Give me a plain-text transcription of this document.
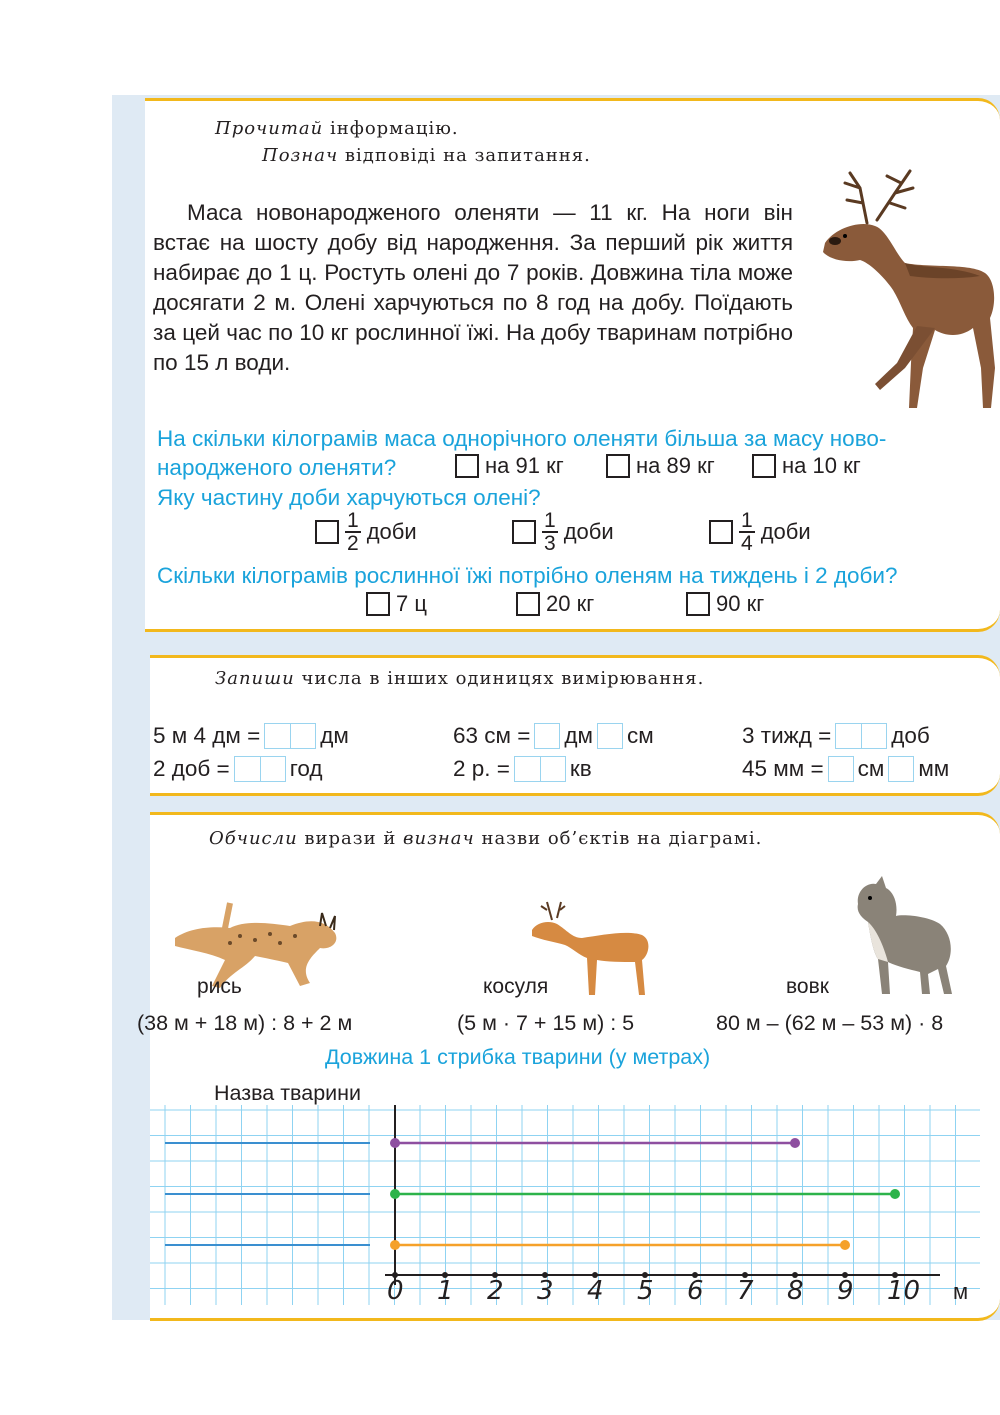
Прочитай інформацію.
Познач відповіді на запитання.
Маса новонародженого оленяти — 11 кг. На ноги він встає на шосту добу від народження. За перший рік життя набирає до 1 ц. Ростуть олені до 7 років. Довжина тіла може досягати 2 м. Олені харчуються по 8 год на добу. Поїдають за цей час по 10 кг рослинної їжі. На добу тваринам потрібно по 15 л води.
На скільки кілограмів маса однорічного оленяти більша за масу ново-
народженого оленяти?	на 91 кг	на 89 кг	на 10 кг
Яку частину доби харчуються олені?
$\frac{1}{2}$ доби	$\frac{1}{3}$ доби	$\frac{1}{4}$ доби
Скільки кілограмів рослинної їжі потрібно оленям на тиждень і 2 доби?
7 ц	20 кг	90 кг
Запиши числа в інших одиницях вимірювання.
5 м 4 дм =	дм	63 см = дм см	3 тижд =	доб
2 доб =	год	2 р. =	кв	45 мм = см мм
Обчисли вирази й визнач назви об’єктів на діаграмі.
рись	косуля	вовк
(38 м + 18 м) : 8 + 2 м	(5 м · 7 + 15 м) : 5	80 м – (62 м – 53 м) · 8
Довжина 1 стрибка тварини (у метрах)
Назва тварини
0 1 2 3 4 5 6 7 8 9 10 м
